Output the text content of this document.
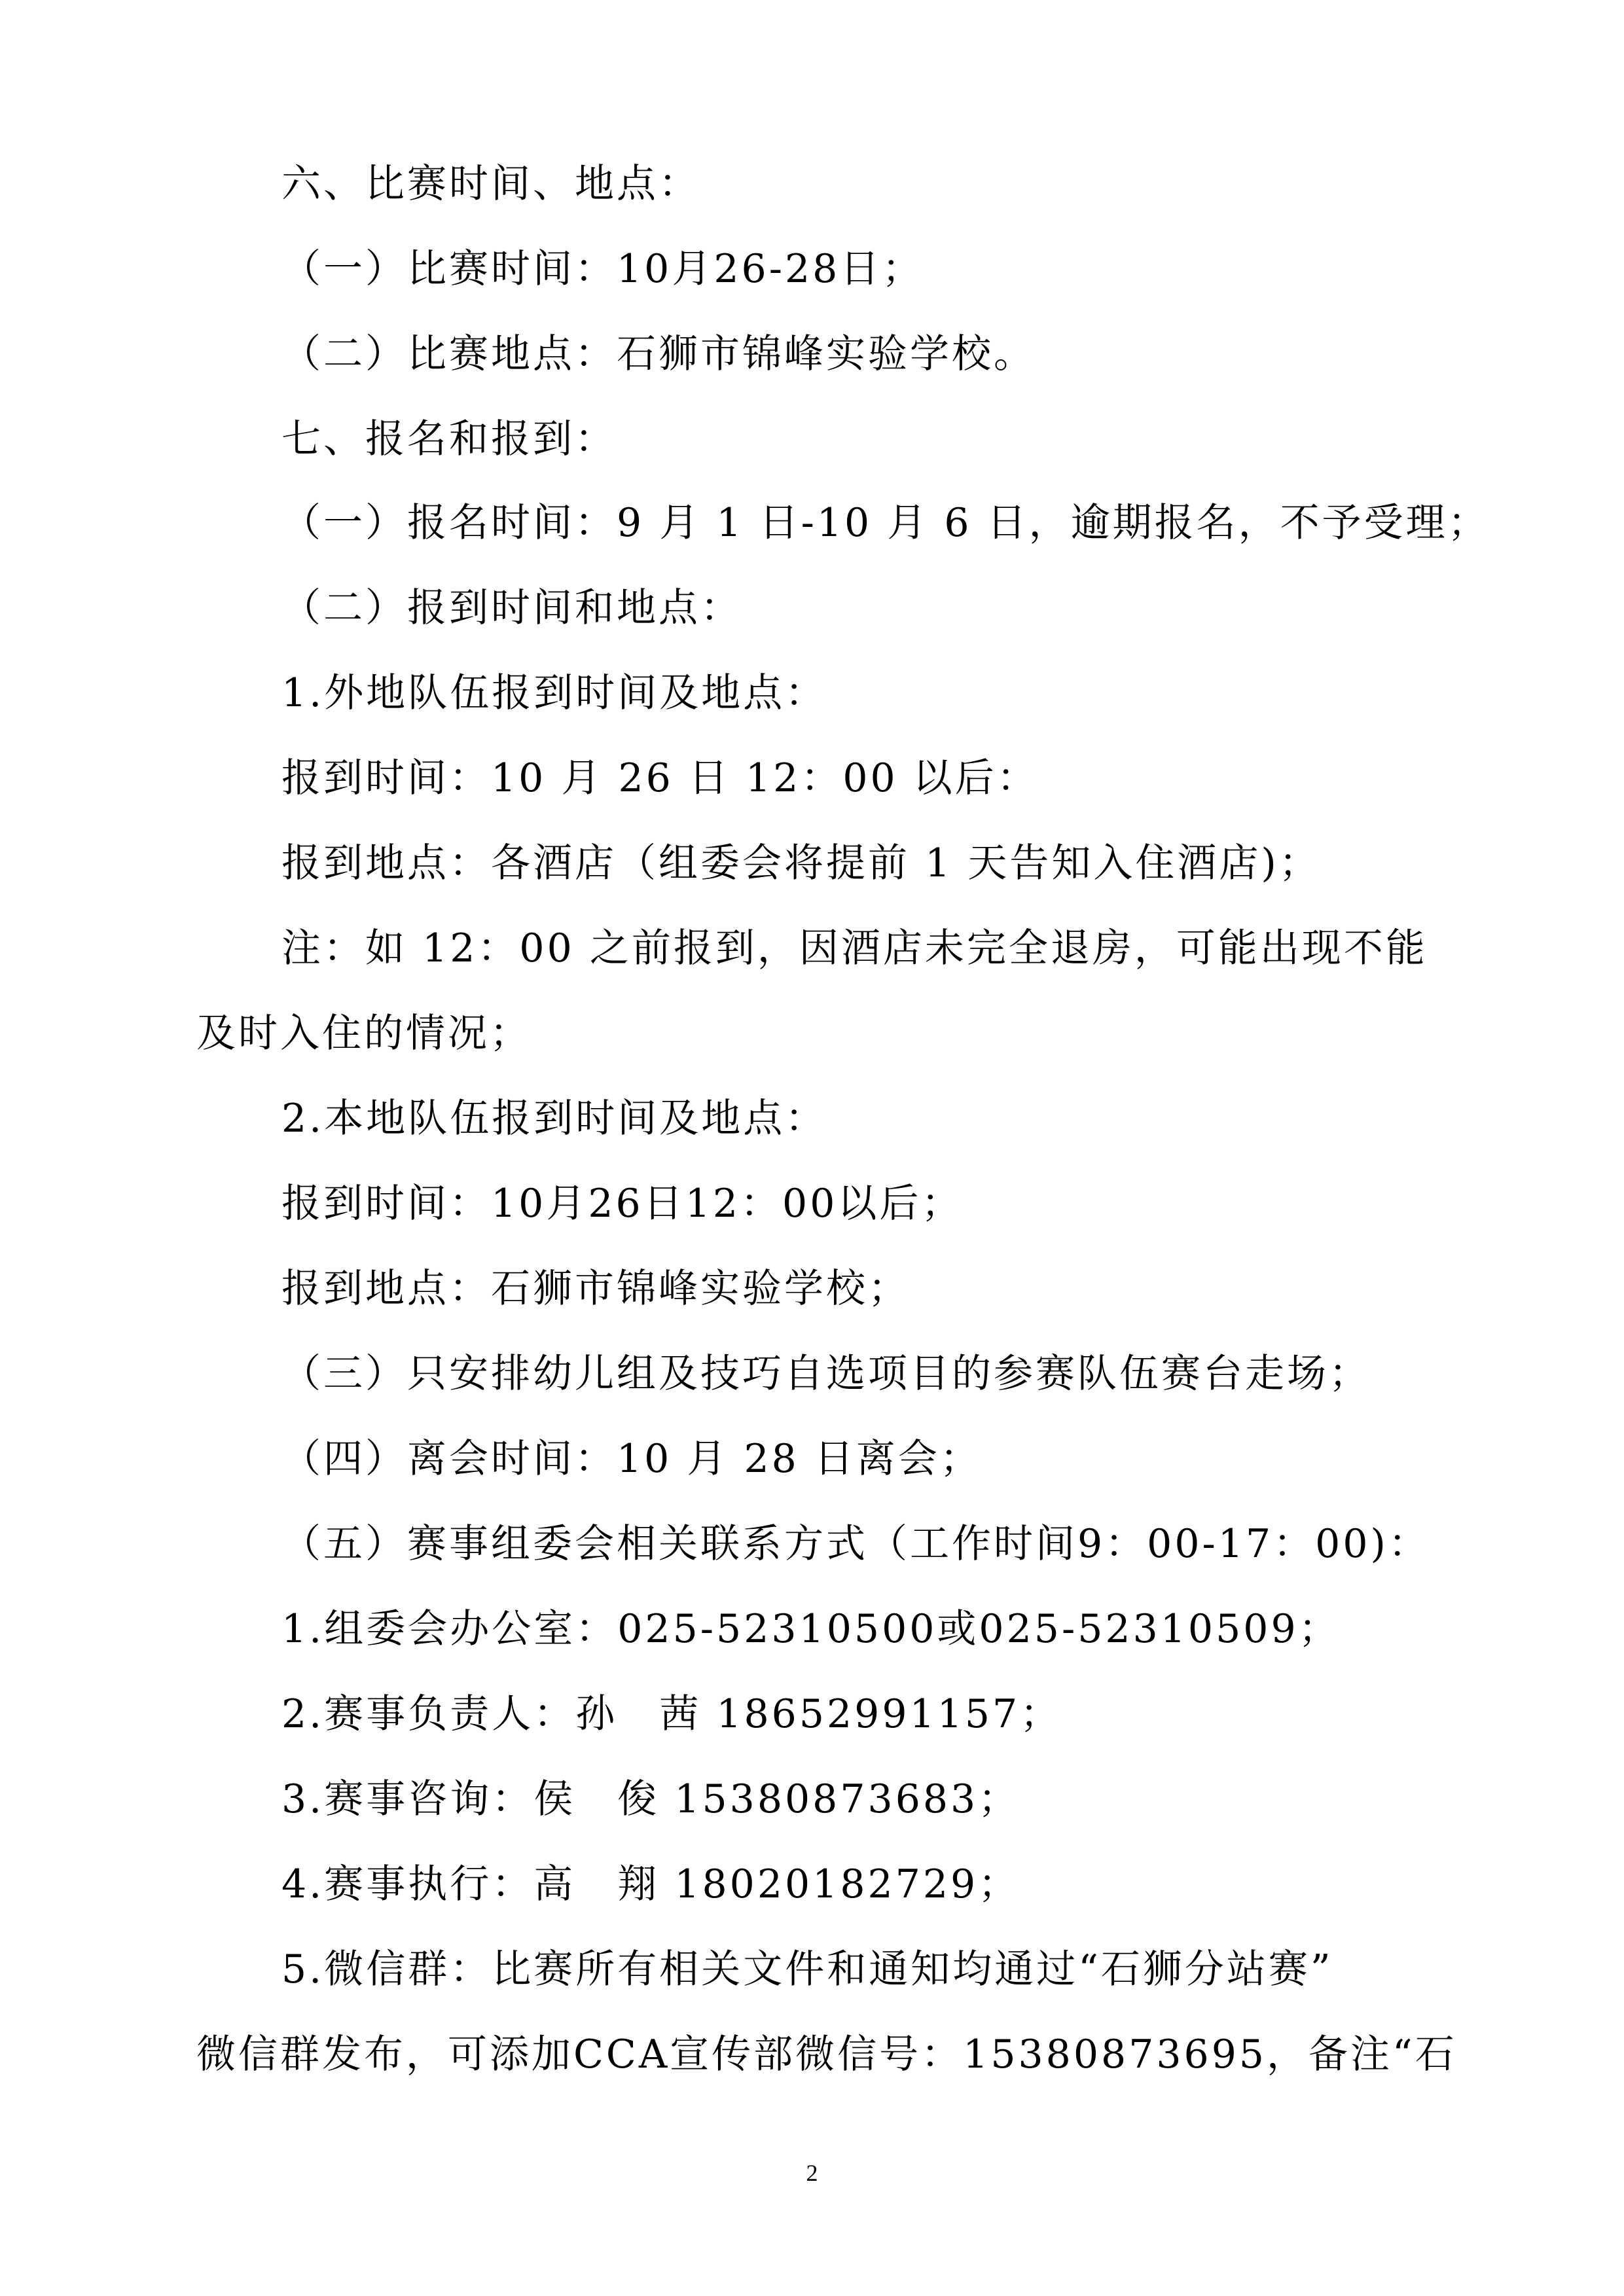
六、比赛时间、地点：
（一）比赛时间：10月26-28日；
（二）比赛地点：石狮市锦峰实验学校。
七、报名和报到：
（一）报名时间：9 月 1 日-10 月 6 日，逾期报名，不予受理；
（二）报到时间和地点：
1.外地队伍报到时间及地点：
报到时间：10 月 26 日 12：00 以后：
报到地点：各酒店（组委会将提前 1 天告知入住酒店)；
注：如 12：00 之前报到，因酒店未完全退房，可能出现不能
及时入住的情况；
2.本地队伍报到时间及地点：
报到时间：10月26日12：00以后；
报到地点：石狮市锦峰实验学校；
（三）只安排幼儿组及技巧自选项目的参赛队伍赛台走场；
（四）离会时间：10 月 28 日离会；
（五）赛事组委会相关联系方式（工作时间9：00-17：00)：
1.组委会办公室：025-52310500或025-52310509；
2.赛事负责人：孙　茜 18652991157；
3.赛事咨询：侯　俊 15380873683；
4.赛事执行：高　翔 18020182729；
5.微信群：比赛所有相关文件和通知均通过“石狮分站赛”
微信群发布，可添加CCA宣传部微信号：15380873695，备注“石
2
